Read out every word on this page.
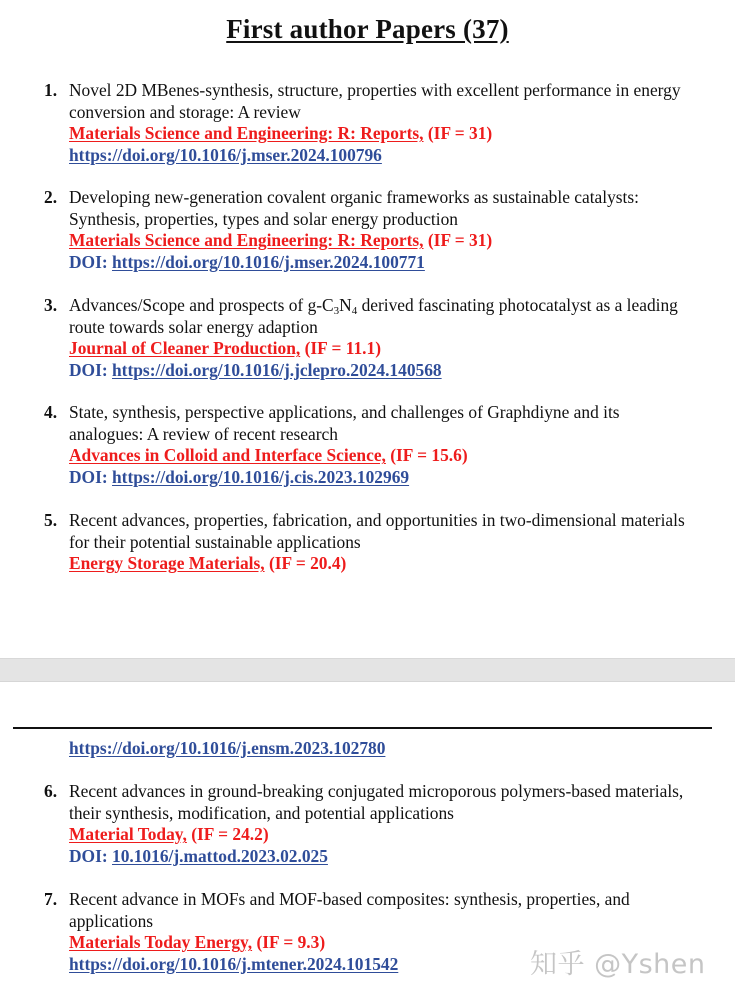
First author Papers (37)
1. Novel 2D MBenes-synthesis, structure, properties with excellent performance in energy conversion and storage: A review
Materials Science and Engineering: R: Reports, (IF = 31)
https://doi.org/10.1016/j.mser.2024.100796
2. Developing new-generation covalent organic frameworks as sustainable catalysts: Synthesis, properties, types and solar energy production
Materials Science and Engineering: R: Reports, (IF = 31)
DOI: https://doi.org/10.1016/j.mser.2024.100771
3. Advances/Scope and prospects of $g-C_3N_4$ derived fascinating photocatalyst as a leading route towards solar energy adaption
Journal of Cleaner Production, (IF = 11.1)
DOI: https://doi.org/10.1016/j.jclepro.2024.140568
4. State, synthesis, perspective applications, and challenges of Graphdiyne and its analogues: A review of recent research
Advances in Colloid and Interface Science, (IF = 15.6)
DOI: https://doi.org/10.1016/j.cis.2023.102969
5. Recent advances, properties, fabrication, and opportunities in two-dimensional materials for their potential sustainable applications
Energy Storage Materials, (IF = 20.4)
https://doi.org/10.1016/j.ensm.2023.102780
6. Recent advances in ground-breaking conjugated microporous polymers-based materials, their synthesis, modification, and potential applications
Material Today, (IF = 24.2)
DOI: 10.1016/j.mattod.2023.02.025
7. Recent advance in MOFs and MOF-based composites: synthesis, properties, and applications
Materials Today Energy, (IF = 9.3)
https://doi.org/10.1016/j.mtener.2024.101542	知乎 @Yshen
